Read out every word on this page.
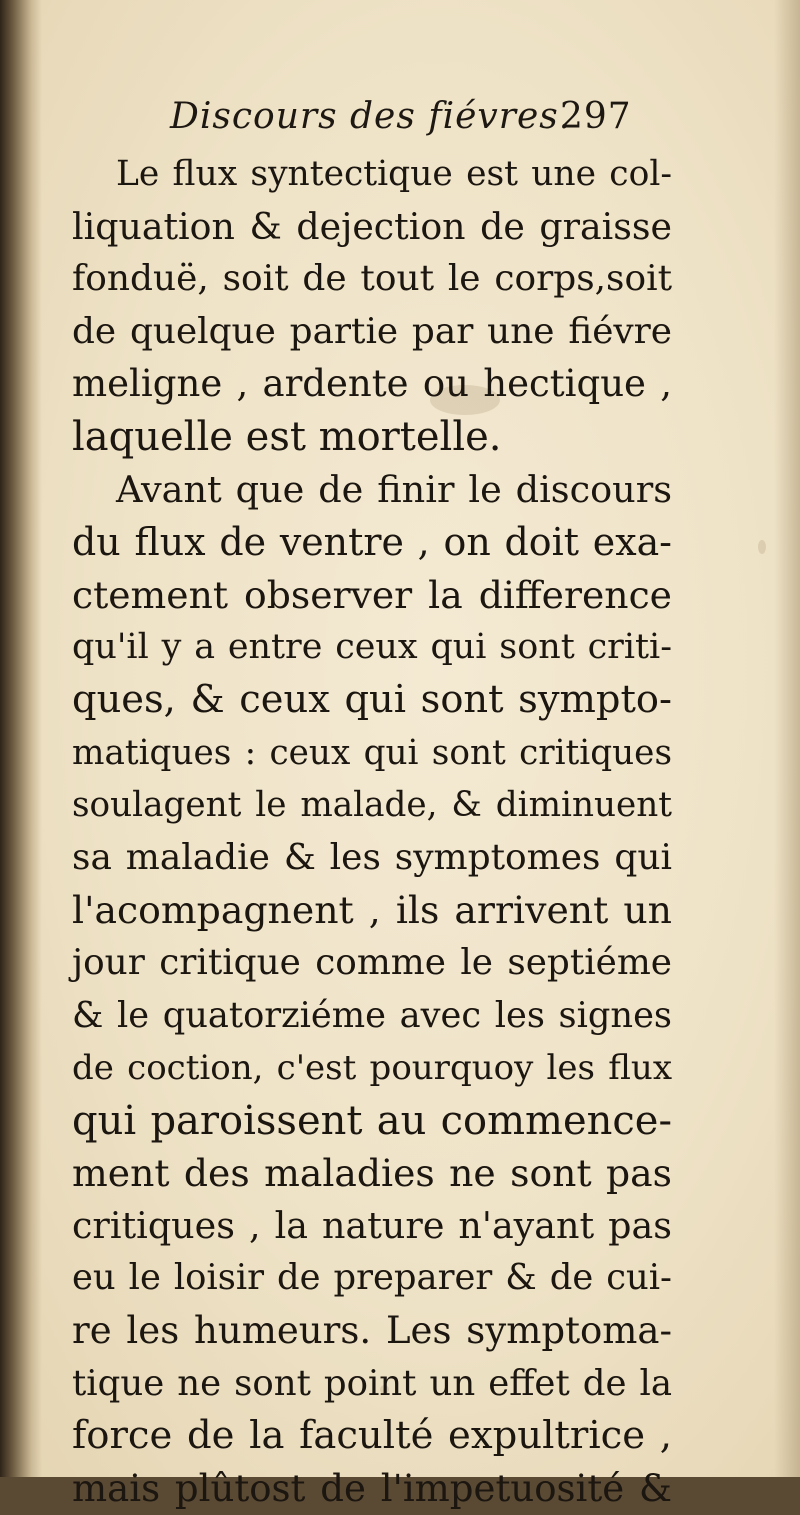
Discours des fiévres.
297
Le flux syntectique est une col-
liquation & dejection de graisse
fonduë, soit de tout le corps,soit
de quelque partie par une fiévre
meligne , ardente ou hectique ,
laquelle est mortelle.
Avant que de finir le discours
du flux de ventre , on doit exa-
ctement observer la difference
qu'il y a entre ceux qui sont criti-
ques, & ceux qui sont sympto-
matiques : ceux qui sont critiques
soulagent le malade, & diminuent
sa maladie & les symptomes qui
l'acompagnent , ils arrivent un
jour critique comme le septiéme
& le quatorziéme avec les signes
de coction, c'est pourquoy les flux
qui paroissent au commence-
ment des maladies ne sont pas
critiques , la nature n'ayant pas
eu le loisir de preparer & de cui-
re les humeurs. Les symptoma-
tique ne sont point un effet de la
force de la faculté expultrice ,
mais plûtost de l'impetuosité &
